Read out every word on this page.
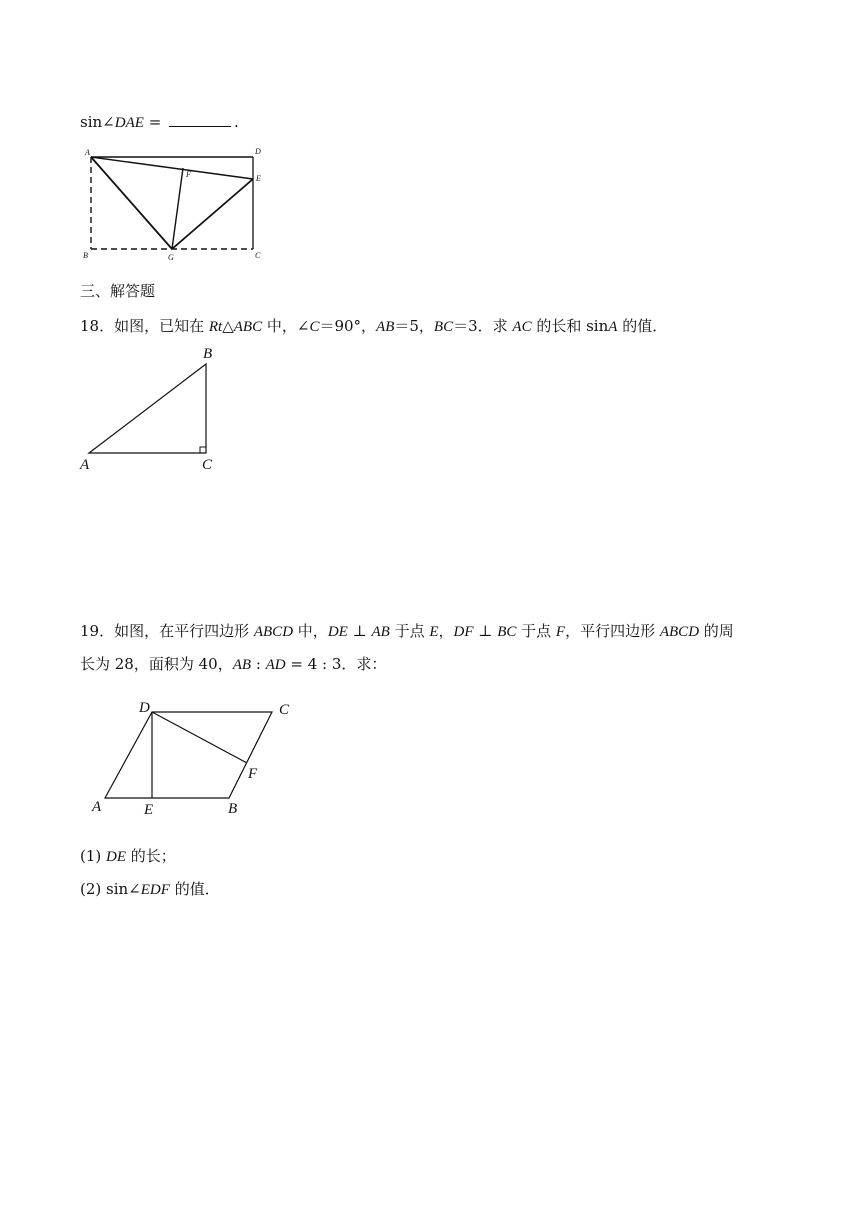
sin∠DAE =	.
A	D
F	E
B	G	C
三、解答题
18．如图，已知在 Rt△ABC 中，∠C＝90°，AB＝5，BC＝3．求 AC 的长和 sinA 的值．
B
A	C
19．如图，在平行四边形 ABCD 中，DE ⊥ AB 于点 E，DF ⊥ BC 于点 F，平行四边形 ABCD 的周
长为 28，面积为 40，AB : AD = 4 : 3．求：
D	C
F
A	E	B
(1) DE 的长；
(2) sin∠EDF 的值．
